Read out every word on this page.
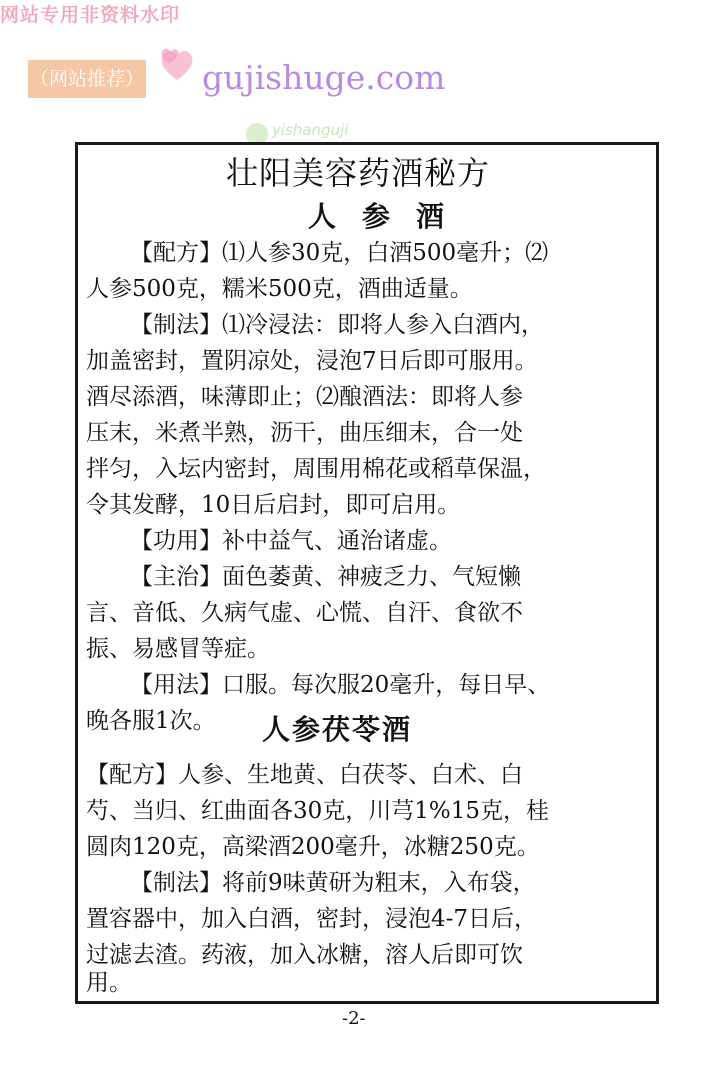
网站专用非资料水印
（网站推荐） gujishuge.com
yishanguji
壮阳美容药酒秘方
人参酒
【配方】⑴人参30克，白酒500毫升；⑵
人参500克，糯米500克，酒曲适量。
【制法】⑴冷浸法：即将人参入白酒内，
加盖密封，置阴凉处，浸泡7日后即可服用。
酒尽添酒，味薄即止；⑵酿酒法：即将人参
压末，米煮半熟，沥干，曲压细末，合一处
拌匀，入坛内密封，周围用棉花或稻草保温，
令其发酵，10日后启封，即可启用。
【功用】补中益气、通治诸虚。
【主治】面色萎黄、神疲乏力、气短懒
言、音低、久病气虚、心慌、自汗、食欲不
振、易感冒等症。
【用法】口服。每次服20毫升，每日早、
晚各服1次。 人参茯苓酒
【配方】人参、生地黄、白茯苓、白术、白
芍、当归、红曲面各30克，川芎1%15克，桂
圆肉120克，高梁酒200毫升，冰糖250克。
【制法】将前9味黄研为粗末，入布袋，
置容器中，加入白酒，密封，浸泡4-7日后，
过滤去渣。药液，加入冰糖，溶人后即可饮
用。
-2-
